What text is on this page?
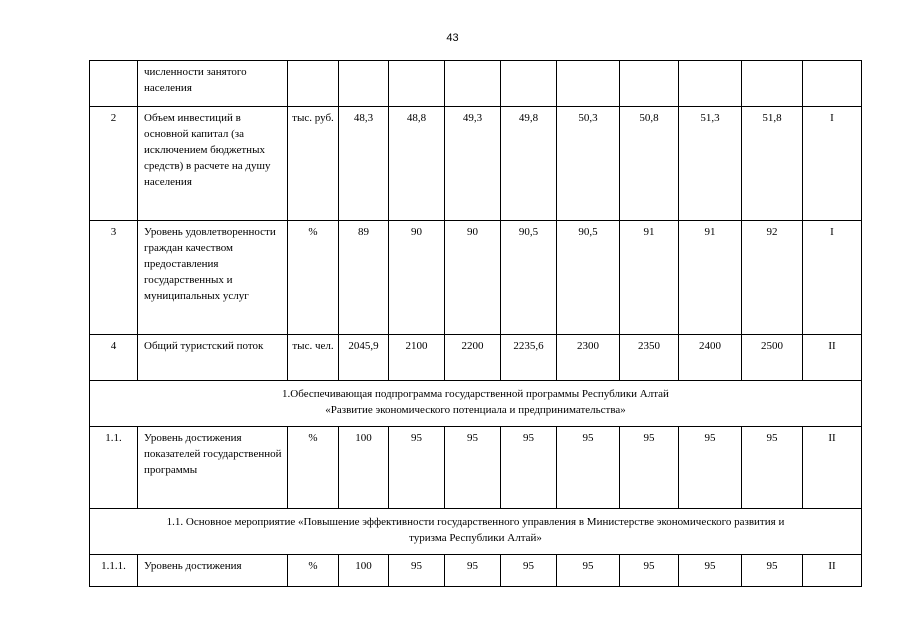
43
	численности занятого населения										
2	Объем инвестиций в основной капитал (за исключением бюджетных средств) в расчете на душу населения	тыс. руб.	48,3	48,8	49,3	49,8	50,3	50,8	51,3	51,8	I
3	Уровень удовлетворенности граждан качеством предоставления государственных и муниципальных услуг	%	89	90	90	90,5	90,5	91	91	92	I
4	Общий туристский поток	тыс. чел.	2045,9	2100	2200	2235,6	2300	2350	2400	2500	II

1.Обеспечивающая подпрограмма государственной программы Республики Алтай
«Развитие экономического потенциала и предпринимательства»											

1.1.	Уровень достижения показателей государственной программы	%	100	95	95	95	95	95	95	95	II

1.1. Основное мероприятие «Повышение эффективности государственного управления в Министерстве экономического развития и
туризма Республики Алтай»											

1.1.1.	Уровень достижения	%	100	95	95	95	95	95	95	95	II
